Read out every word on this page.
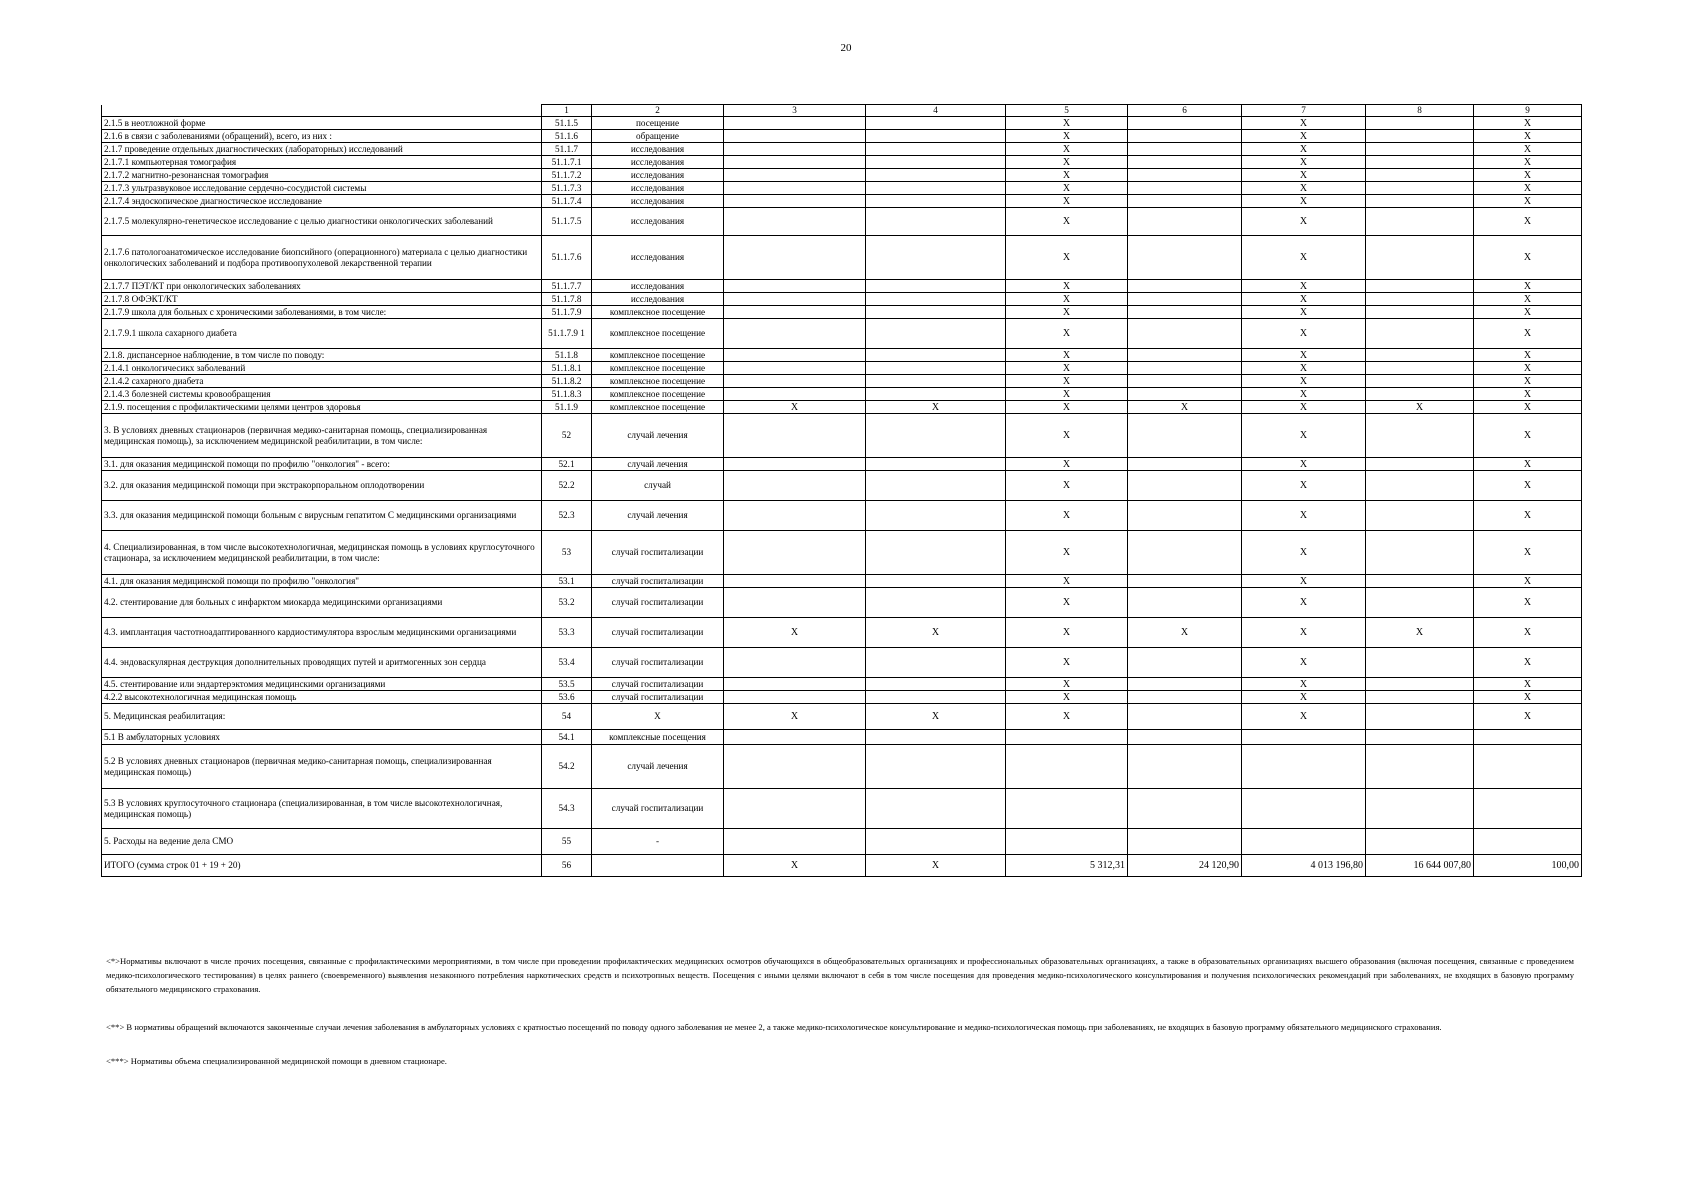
20
	1	2	3	4	5	6	7	8	9
2.1.5 в неотложной форме	51.1.5	посещение			X		X		X
2.1.6 в связи с заболеваниями (обращений), всего, из них :	51.1.6	обращение			X		X		X
2.1.7 проведение отдельных диагностических (лабораторных) исследований	51.1.7	исследования			X		X		X
2.1.7.1 компьютерная томография	51.1.7.1	исследования			X		X		X
2.1.7.2 магнитно-резонансная томография	51.1.7.2	исследования			X		X		X
2.1.7.3 ультразвуковое исследование сердечно-сосудистой системы	51.1.7.3	исследования			X		X		X
2.1.7.4 эндоскопическое диагностическое исследование	51.1.7.4	исследования			X		X		X
2.1.7.5 молекулярно-генетическое исследование с целью диагностики онкологических заболеваний	51.1.7.5	исследования			X		X		X
2.1.7.6 патологоанатомическое исследование биопсийного (операционного) материала с целью диагностики онкологических заболеваний и подбора противоопухолевой лекарственной терапии	51.1.7.6	исследования			X		X		X
2.1.7.7 ПЭТ/КТ при онкологических заболеваниях	51.1.7.7	исследования			X		X		X
2.1.7.8 ОФЭКТ/КТ	51.1.7.8	исследования			X		X		X
2.1.7.9 школа для больных с хроническими заболеваниями, в том числе:	51.1.7.9	комплексное посещение			X		X		X
2.1.7.9.1 школа сахарного диабета	51.1.7.9 1	комплексное посещение			X		X		X
2.1.8. диспансерное наблюдение, в том числе по поводу:	51.1.8	комплексное посещение			X		X		X
2.1.4.1 онкологичесикх заболеваний	51.1.8.1	комплексное посещение			X		X		X
2.1.4.2 сахарного диабета	51.1.8.2	комплексное посещение			X		X		X
2.1.4.3 болезней системы кровообращения	51.1.8.3	комплексное посещение			X		X		X
2.1.9. посещения с профилактическими целями центров здоровья	51.1.9	комплексное посещение	X	X	X	X	X	X	X
3. В условиях дневных стационаров (первичная медико-санитарная помощь, специализированная медицинская помощь), за исключением медицинской реабилитации, в том числе:	52	случай лечения			X		X		X
3.1. для оказания медицинской помощи по профилю "онкология" - всего:	52.1	случай лечения			X		X		X
3.2. для оказания медицинской помощи при экстракорпоральном оплодотворении	52.2	случай			X		X		X
3.3. для оказания медицинской помощи больным с вирусным гепатитом С медицинскими организациями	52.3	случай лечения			X		X		X
4. Специализированная, в том числе высокотехнологичная, медицинская помощь в условиях круглосуточного стационара, за исключением медицинской реабилитации, в том числе:	53	случай госпитализации			X		X		X
4.1. для оказания медицинской помощи по профилю "онкология"	53.1	случай госпитализации			X		X		X
4.2. стентирование для больных с инфарктом миокарда медицинскими организациями	53.2	случай госпитализации			X		X		X
4.3. имплантация частотноадаптированного кардиостимулятора взрослым медицинскими организациями	53.3	случай госпитализации	X	X	X	X	X	X	X
4.4. эндоваскулярная деструкция дополнительных проводящих путей и аритмогенных зон сердца	53.4	случай госпитализации			X		X		X
4.5. стентирование или эндартерэктомия медицинскими организациями	53.5	случай госпитализации			X		X		X
4.2.2 высокотехнологичная медицинская помощь	53.6	случай госпитализации			X		X		X
5. Медицинская реабилитация:	54	X	X	X	X		X		X
5.1 В амбулаторных условиях	54.1	комплексные посещения							
5.2 В условиях дневных стационаров (первичная медико-санитарная помощь, специализированная медицинская помощь)	54.2	случай лечения							
5.3 В условиях круглосуточного стационара (специализированная, в том числе высокотехнологичная, медицинская помощь)	54.3	случай госпитализации							
5. Расходы на ведение дела СМО	55	-							
ИТОГО (сумма строк 01 + 19 + 20)	56		X	X	5 312,31	24 120,90	4 013 196,80	16 644 007,80	100,00
<*>Нормативы включают в числе прочих посещения, связанные с профилактическими мероприятиями, в том числе при проведении профилактических медицинских осмотров обучающихся в общеобразовательных организациях и профессиональных образовательных организациях, а также в образовательных организациях высшего образования (включая посещения, связанные с проведением медико-психологического тестирования) в целях раннего (своевременного) выявления незаконного потребления наркотических средств и психотропных веществ. Посещения с иными целями включают в себя в том числе посещения для проведения медико-психологического консультирования и получения психологических рекомендаций при заболеваниях, не входящих в базовую программу обязательного медицинского страхования.
<**> В нормативы обращений включаются законченные случаи лечения заболевания в амбулаторных условиях с кратностью посещений по поводу одного заболевания не менее 2, а также медико-психологическое консультирование и медико-психологическая помощь при заболеваниях, не входящих в базовую программу обязательного медицинского страхования.
<***> Нормативы объема специализированной медицинской помощи в дневном стационаре.
